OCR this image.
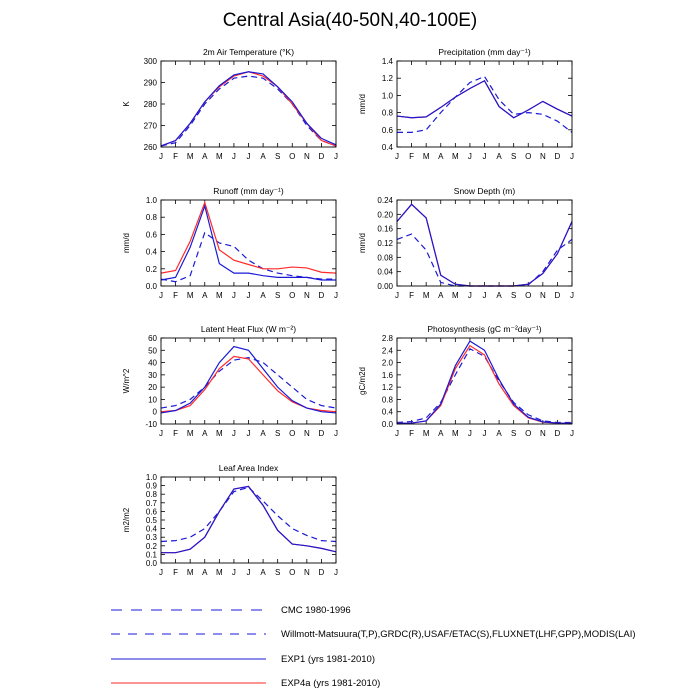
Central Asia(40-50N,40-100E)
2m Air Temperature (°K)
K
J F M A M J J A S O N D J
260
270
280
290
300
Precipitation (mm day⁻¹)
mm/d
J F M A M J J A S O N D J
0.4
0.6
0.8
1.0
1.2
1.4
Runoff (mm day⁻¹)
mm/d
J F M A M J J A S O N D J
0.0
0.2
0.4
0.6
0.8
1.0
Snow Depth (m)
mm/d
J F M A M J J A S O N D J
0.00
0.04
0.08
0.12
0.16
0.20
0.24
Latent Heat Flux (W m⁻²)
W/m^2
J F M A M J J A S O N D J
-10
0
10
20
30
40
50
60
Photosynthesis (gC m⁻²day⁻¹)
gC/m2d
J F M A M J J A S O N D J
0.0
0.4
0.8
1.2
1.6
2.0
2.4
2.8
Leaf Area Index
m2/m2
J F M A M J J A S O N D J
0.0
0.1
0.2
0.3
0.4
0.5
0.6
0.7
0.8
0.9
1.0
CMC 1980-1996
Willmott-Matsuura(T,P),GRDC(R),USAF/ETAC(S),FLUXNET(LHF,GPP),MODIS(LAI)
EXP1 (yrs 1981-2010)
EXP4a (yrs 1981-2010)
